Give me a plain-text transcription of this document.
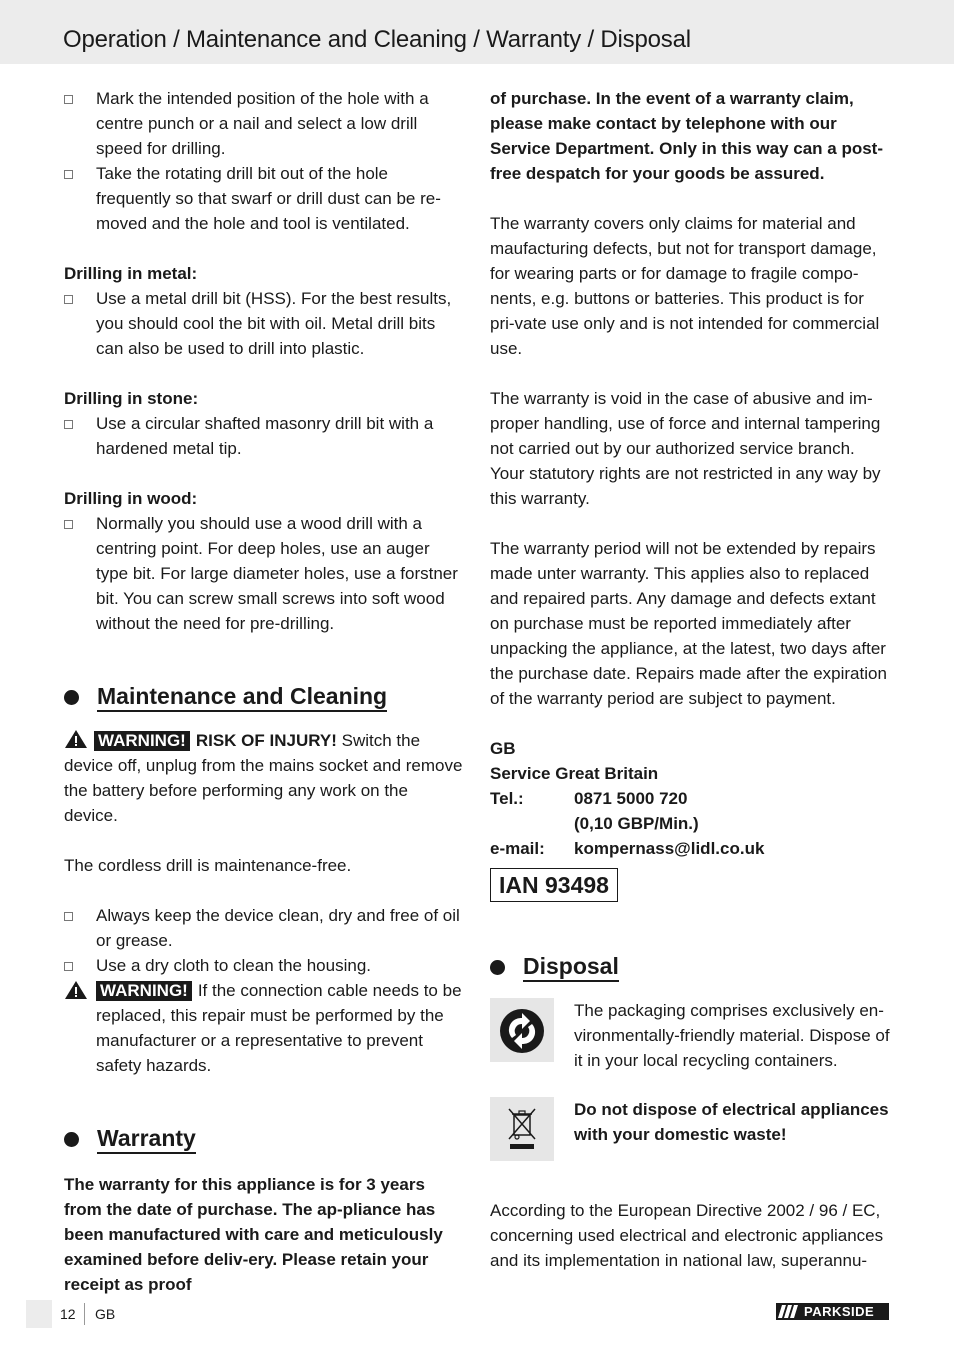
Operation / Maintenance and Cleaning / Warranty / Disposal

Mark the intended position of the hole with a centre punch or a nail and select a low drill speed for drilling.

Take the rotating drill bit out of the hole frequently so that swarf or drill dust can be re-moved and the hole and tool is ventilated.

Drilling in metal:

Use a metal drill bit (HSS). For the best results, you should cool the bit with oil. Metal drill bits can also be used to drill into plastic.

Drilling in stone:

Use a circular shafted masonry drill bit with a hardened metal tip.

Drilling in wood:

Normally you should use a wood drill with a centring point. For deep holes, use an auger type bit. For large diameter holes, use a forstner bit. You can screw small screws into soft wood without the need for pre-drilling.

Maintenance and Cleaning

WARNING! RISK OF INJURY! Switch the device off, unplug from the mains socket and remove the battery before performing any work on the device.

The cordless drill is maintenance-free.

Always keep the device clean, dry and free of oil or grease.

Use a dry cloth to clean the housing.

WARNING! If the connection cable needs to be replaced, this repair must be performed by the manufacturer or a representative to prevent safety hazards.

Warranty

The warranty for this appliance is for 3 years from the date of purchase. The ap-pliance has been manufactured with care and meticulously examined before deliv-ery. Please retain your receipt as proof

of purchase. In the event of a warranty claim, please make contact by telephone with our Service Department. Only in this way can a post-free despatch for your goods be assured.

The warranty covers only claims for material and maufacturing defects, but not for transport damage, for wearing parts or for damage to fragile compo-nents, e.g. buttons or batteries. This product is for pri-vate use only and is not intended for commercial use.

The warranty is void in the case of abusive and im-proper handling, use of force and internal tampering not carried out by our authorized service branch. Your statutory rights are not restricted in any way by this warranty.

The warranty period will not be extended by repairs made unter warranty. This applies also to replaced and repaired parts. Any damage and defects extant on purchase must be reported immediately after unpacking the appliance, at the latest, two days after the purchase date. Repairs made after the expiration of the warranty period are subject to payment.

GB

Service Great Britain

Tel.:	0871 5000 720
(0,10 GBP/Min.)
e-mail:	kompernass@lidl.co.uk
IAN 93498
Disposal

The packaging comprises exclusively en-vironmentally-friendly material. Dispose of it in your local recycling containers.

Do not dispose of electrical appliances with your domestic waste!

According to the European Directive 2002 / 96 / EC, concerning used electrical and electronic appliances and its implementation in national law, superannu-

12 GB	PARKSIDE
